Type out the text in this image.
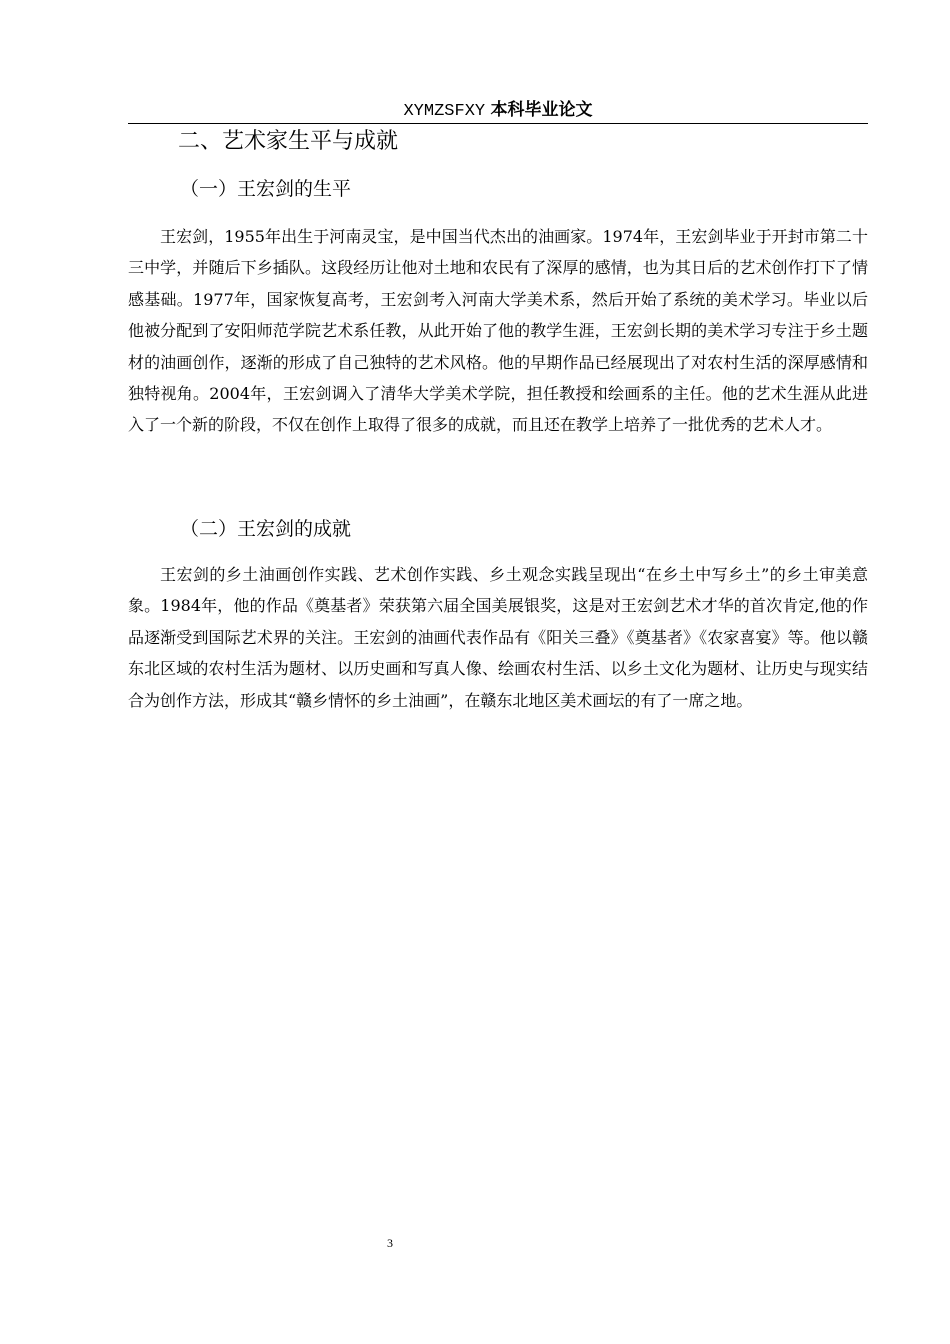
XYMZSFXY 本科毕业论文
二、艺术家生平与成就
（一）王宏剑的生平

王宏剑，1955年出生于河南灵宝，是中国当代杰出的油画家。1974年，王宏剑毕业于开封市第二十三中学，并随后下乡插队。这段经历让他对土地和农民有了深厚的感情，也为其日后的艺术创作打下了情感基础。1977年，国家恢复高考，王宏剑考入河南大学美术系，然后开始了系统的美术学习。毕业以后他被分配到了安阳师范学院艺术系任教，从此开始了他的教学生涯，王宏剑长期的美术学习专注于乡土题材的油画创作，逐渐的形成了自己独特的艺术风格。他的早期作品已经展现出了对农村生活的深厚感情和独特视角。2004年，王宏剑调入了清华大学美术学院，担任教授和绘画系的主任。他的艺术生涯从此进入了一个新的阶段，不仅在创作上取得了很多的成就，而且还在教学上培养了一批优秀的艺术人才。

（二）王宏剑的成就

王宏剑的乡土油画创作实践、艺术创作实践、乡土观念实践呈现出“在乡土中写乡土”的乡土审美意象。1984年，他的作品《奠基者》荣获第六届全国美展银奖，这是对王宏剑艺术才华的首次肯定,他的作品逐渐受到国际艺术界的关注。王宏剑的油画代表作品有《阳关三叠》《奠基者》《农家喜宴》等。他以赣东北区域的农村生活为题材、以历史画和写真人像、绘画农村生活、以乡土文化为题材、让历史与现实结合为创作方法，形成其“赣乡情怀的乡土油画”，在赣东北地区美术画坛的有了一席之地。

3
